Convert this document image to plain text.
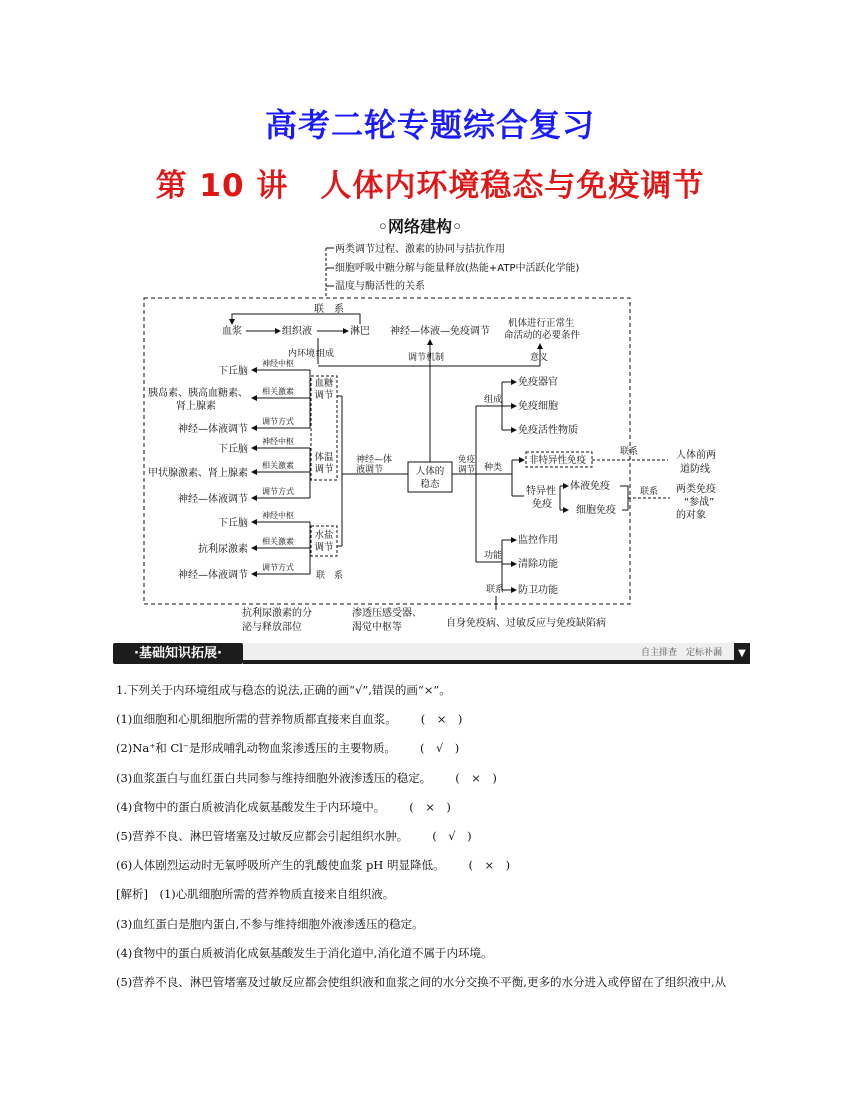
高考二轮专题综合复习
第 10 讲　人体内环境稳态与免疫调节
◦网络建构◦
两类调节过程、激素的协同与拮抗作用
细胞呼吸中糖分解与能量释放(热能+ATP中活跃化学能)
温度与酶活性的关系
联　系
血浆	组织液	淋巴 神经—体液—免疫调节
机体进行正常生
命活动的必要条件
内环境 组成	调节机制	意义
人体的
稳态
血糖
调节
体温
调节
水盐
调节
神经—体
液调节
神经中枢
相关激素
调节方式
下丘脑
胰岛素、胰高血糖素、
肾上腺素
神经—体液调节
神经中枢
相关激素
调节方式
下丘脑
甲状腺激素、肾上腺素
神经—体液调节
神经中枢
相关激素
调节方式
下丘脑
抗利尿激素
神经—体液调节	联　系
抗利尿激素的分
泌与释放部位
渗透压感受器、
渴觉中枢等	自身免疫病、过敏反应与免疫缺陷病
免疫
调节
组成
种类
功能
免疫器官
免疫细胞
免疫活性物质
非特异性免疫
联系	人体前两
道防线
特异性
免疫
体液免疫
细胞免疫
联系 两类免疫
“参战”
的对象
监控作用
清除功能
防卫功能
联系
·基础知识拓展·	自主排查　 定标补漏	▼
1.下列关于内环境组成与稳态的说法,正确的画“√”,错误的画“×”。
(1)血细胞和心肌细胞所需的营养物质都直接来自血浆。 (　×　)
(2)Na⁺和 Cl⁻是形成哺乳动物血浆渗透压的主要物质。 (　√　)
(3)血浆蛋白与血红蛋白共同参与维持细胞外液渗透压的稳定。 (　×　)
(4)食物中的蛋白质被消化成氨基酸发生于内环境中。 (　×　)
(5)营养不良、淋巴管堵塞及过敏反应都会引起组织水肿。 (　√　)
(6)人体剧烈运动时无氧呼吸所产生的乳酸使血浆 pH 明显降低。 (　×　)
[解析]　(1)心肌细胞所需的营养物质直接来自组织液。
(3)血红蛋白是胞内蛋白,不参与维持细胞外液渗透压的稳定。
(4)食物中的蛋白质被消化成氨基酸发生于消化道中,消化道不属于内环境。
(5)营养不良、淋巴管堵塞及过敏反应都会使组织液和血浆之间的水分交换不平衡,更多的水分进入或停留在了组织液中,从
